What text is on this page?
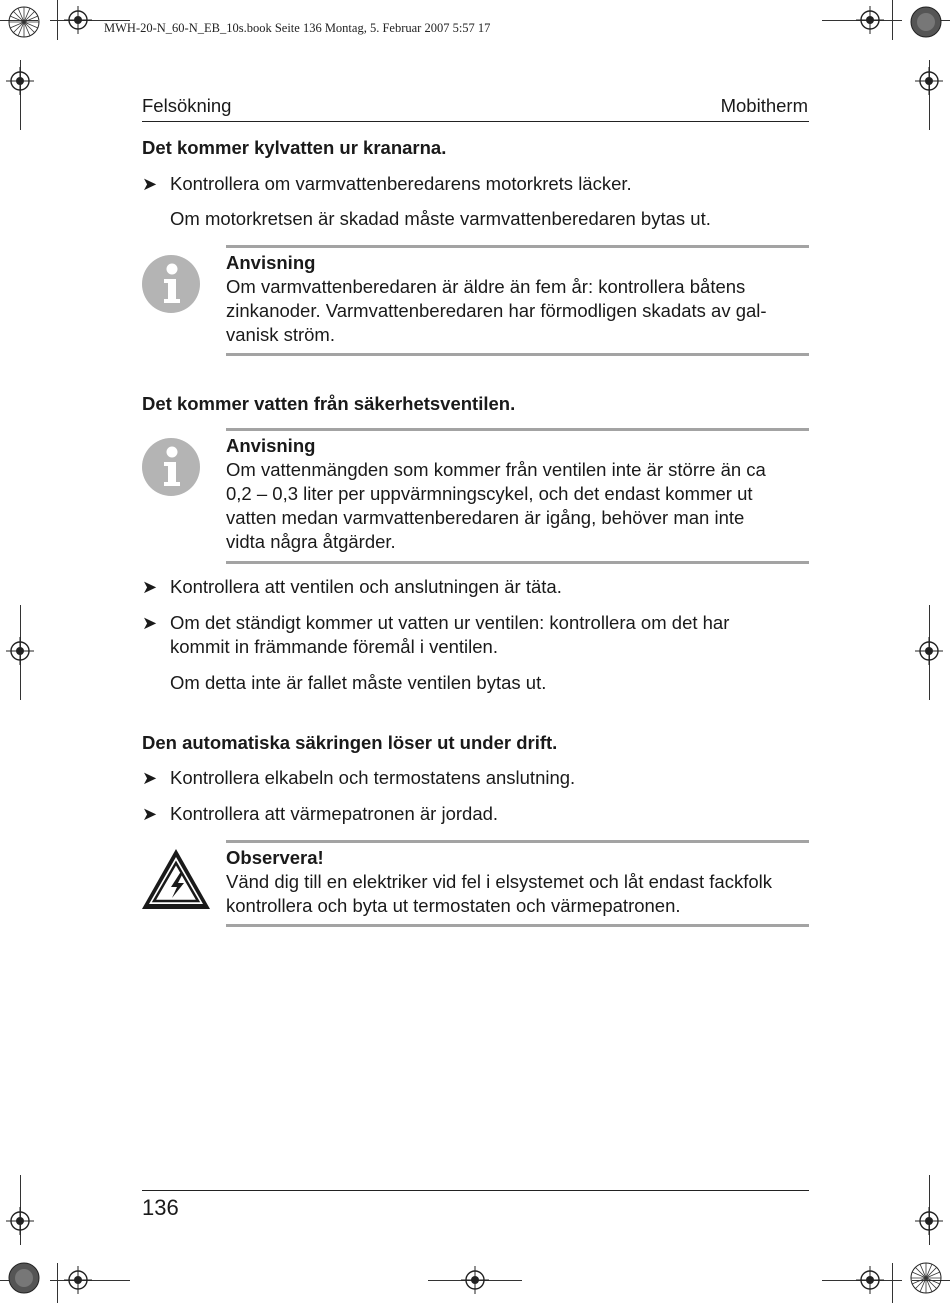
MWH-20-N_60-N_EB_10s.book Seite 136 Montag, 5. Februar 2007 5:57 17
Felsökning	Mobitherm
Det kommer kylvatten ur kranarna.
➤ Kontrollera om varmvattenberedarens motorkrets läcker.
Om motorkretsen är skadad måste varmvattenberedaren bytas ut.
Anvisning
Om varmvattenberedaren är äldre än fem år: kontrollera båtens
zinkanoder. Varmvattenberedaren har förmodligen skadats av gal-
vanisk ström.
Det kommer vatten från säkerhetsventilen.
Anvisning
Om vattenmängden som kommer från ventilen inte är större än ca
0,2 – 0,3 liter per uppvärmningscykel, och det endast kommer ut
vatten medan varmvattenberedaren är igång, behöver man inte
vidta några åtgärder.
➤ Kontrollera att ventilen och anslutningen är täta.
➤ Om det ständigt kommer ut vatten ur ventilen: kontrollera om det har
kommit in främmande föremål i ventilen.
Om detta inte är fallet måste ventilen bytas ut.
Den automatiska säkringen löser ut under drift.
➤ Kontrollera elkabeln och termostatens anslutning.
➤ Kontrollera att värmepatronen är jordad.
Observera!
Vänd dig till en elektriker vid fel i elsystemet och låt endast fackfolk
kontrollera och byta ut termostaten och värmepatronen.
136
